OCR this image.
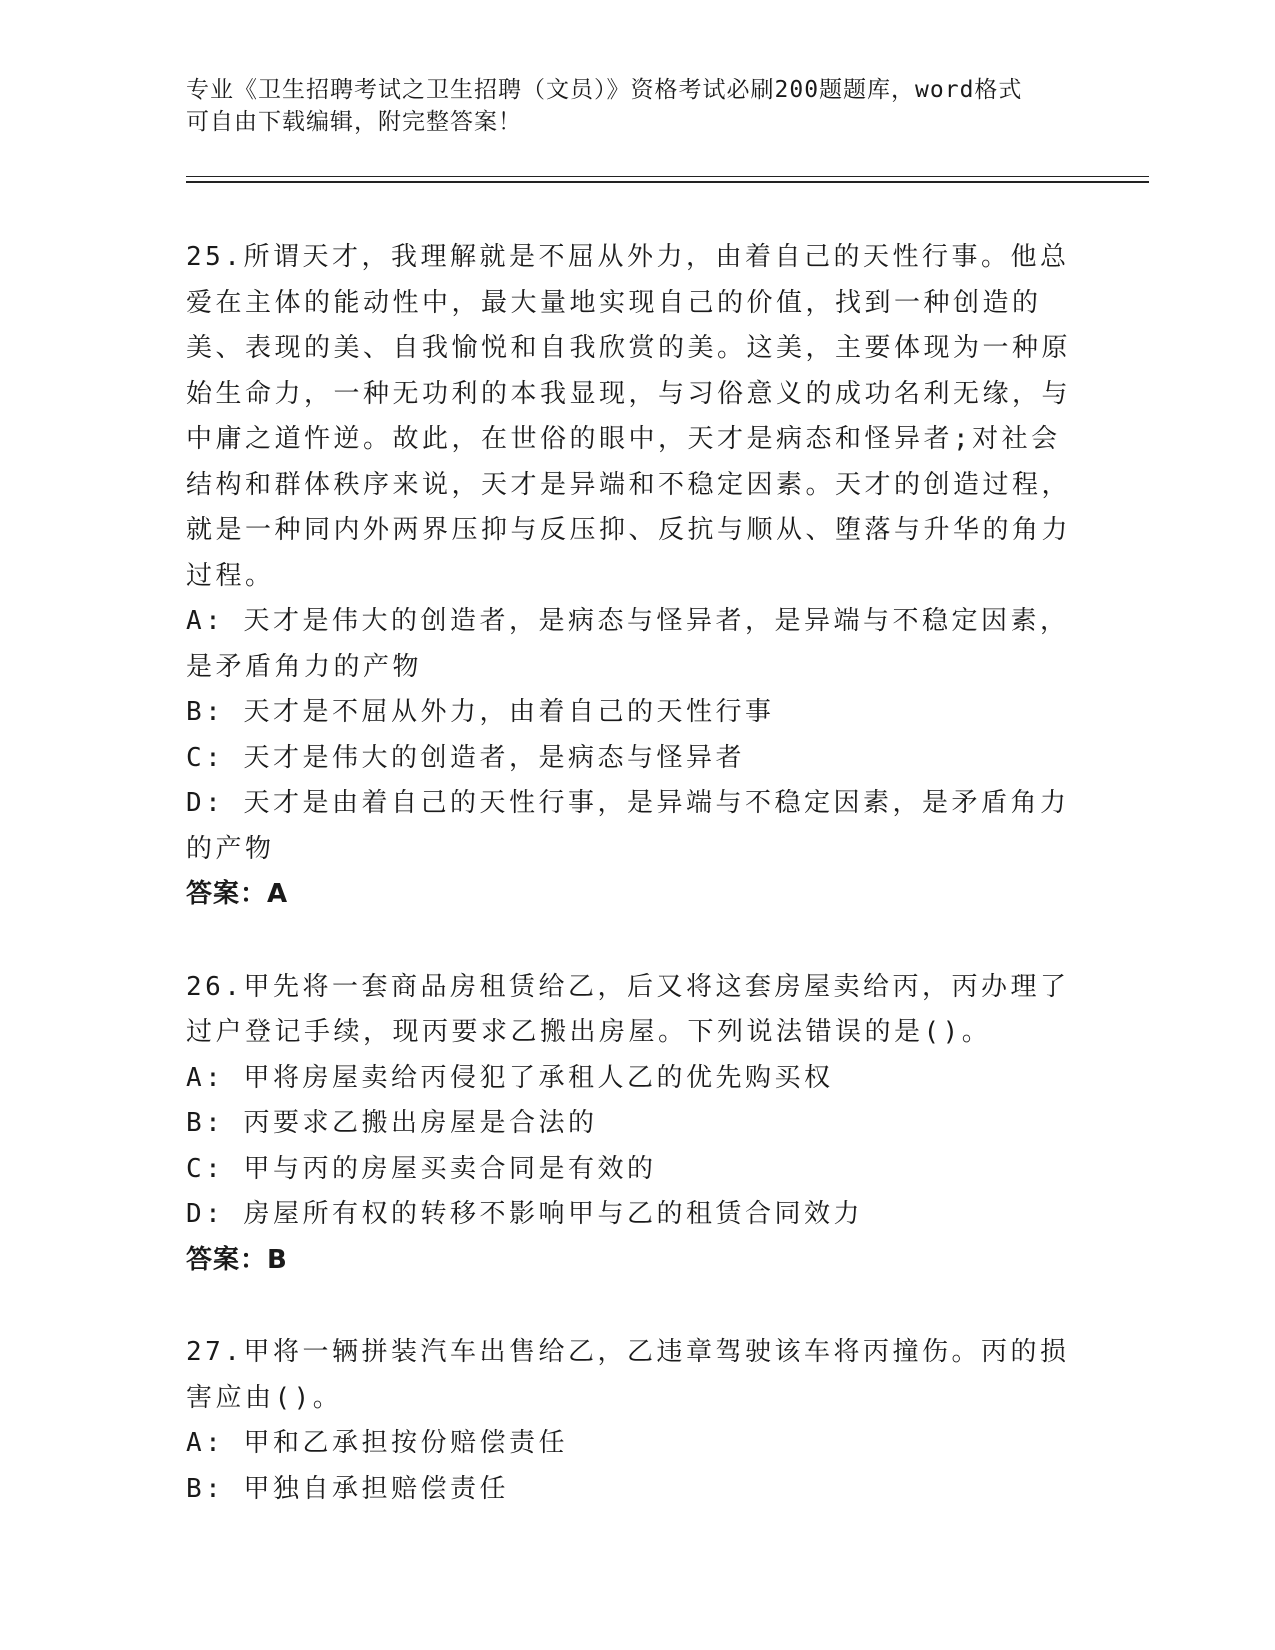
专业《卫生招聘考试之卫生招聘（文员）》资格考试必刷200题题库，word格式
可自由下载编辑，附完整答案！

25.所谓天才，我理解就是不屈从外力，由着自己的天性行事。他总爱在主体的能动性中，最大量地实现自己的价值，找到一种创造的美、表现的美、自我愉悦和自我欣赏的美。这美，主要体现为一种原始生命力，一种无功利的本我显现，与习俗意义的成功名利无缘，与中庸之道忤逆。故此，在世俗的眼中，天才是病态和怪异者;对社会结构和群体秩序来说，天才是异端和不稳定因素。天才的创造过程，就是一种同内外两界压抑与反压抑、反抗与顺从、堕落与升华的角力过程。

A: 天才是伟大的创造者，是病态与怪异者，是异端与不稳定因素，是矛盾角力的产物

B: 天才是不屈从外力，由着自己的天性行事

C: 天才是伟大的创造者，是病态与怪异者

D: 天才是由着自己的天性行事，是异端与不稳定因素，是矛盾角力的产物

答案：A

26.甲先将一套商品房租赁给乙，后又将这套房屋卖给丙，丙办理了过户登记手续，现丙要求乙搬出房屋。下列说法错误的是()。

A: 甲将房屋卖给丙侵犯了承租人乙的优先购买权

B: 丙要求乙搬出房屋是合法的

C: 甲与丙的房屋买卖合同是有效的

D: 房屋所有权的转移不影响甲与乙的租赁合同效力

答案：B

27.甲将一辆拼装汽车出售给乙，乙违章驾驶该车将丙撞伤。丙的损害应由()。

A: 甲和乙承担按份赔偿责任

B: 甲独自承担赔偿责任
